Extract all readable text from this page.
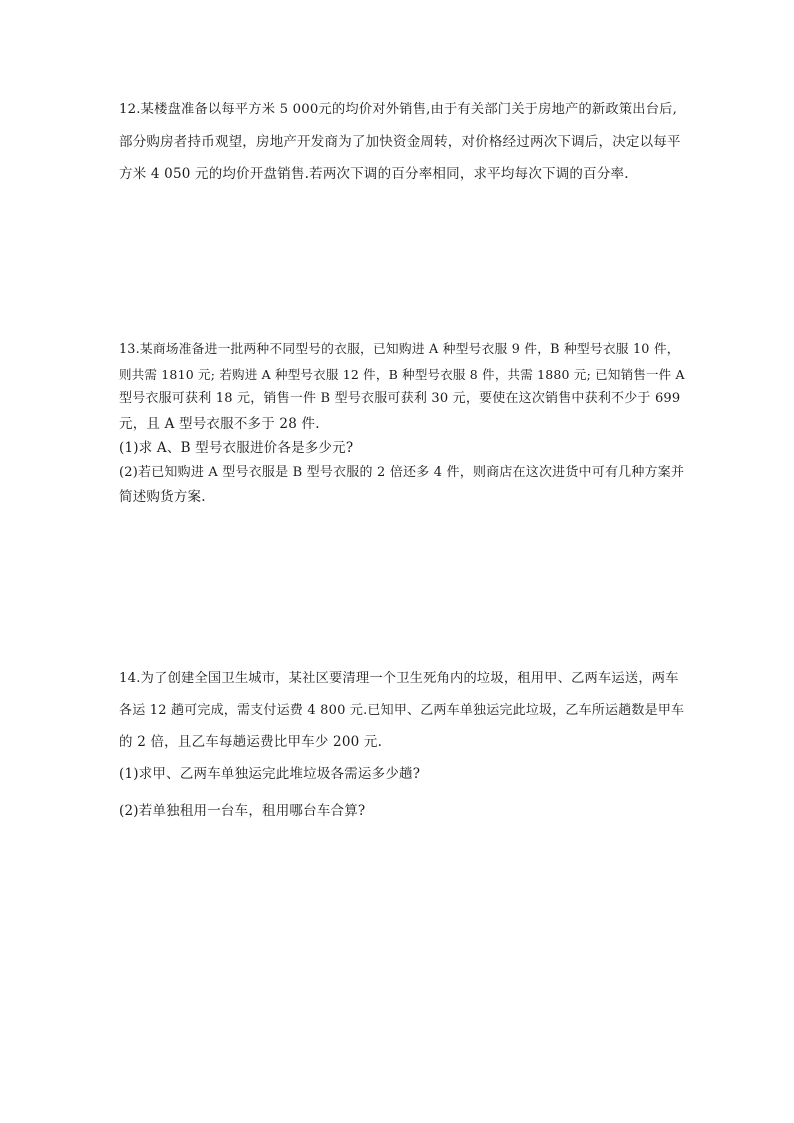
12.某楼盘准备以每平方米 5 000元的均价对外销售,由于有关部门关于房地产的新政策出台后,
部分购房者持币观望，房地产开发商为了加快资金周转，对价格经过两次下调后，决定以每平
方米 4 050 元的均价开盘销售.若两次下调的百分率相同，求平均每次下调的百分率.
13.某商场准备进一批两种不同型号的衣服，已知购进 A 种型号衣服 9 件，B 种型号衣服 10 件，
则共需 1810 元; 若购进 A 种型号衣服 12 件，B 种型号衣服 8 件，共需 1880 元; 已知销售一件 A
型号衣服可获利 18 元，销售一件 B 型号衣服可获利 30 元，要使在这次销售中获利不少于 699
元，且 A 型号衣服不多于 28 件.
(1)求 A、B 型号衣服进价各是多少元?
(2)若已知购进 A 型号衣服是 B 型号衣服的 2 倍还多 4 件，则商店在这次进货中可有几种方案并
简述购货方案.
14.为了创建全国卫生城市，某社区要清理一个卫生死角内的垃圾，租用甲、乙两车运送，两车
各运 12 趟可完成，需支付运费 4 800 元.已知甲、乙两车单独运完此垃圾，乙车所运趟数是甲车
的 2 倍，且乙车每趟运费比甲车少 200 元.
(1)求甲、乙两车单独运完此堆垃圾各需运多少趟?
(2)若单独租用一台车，租用哪台车合算?
